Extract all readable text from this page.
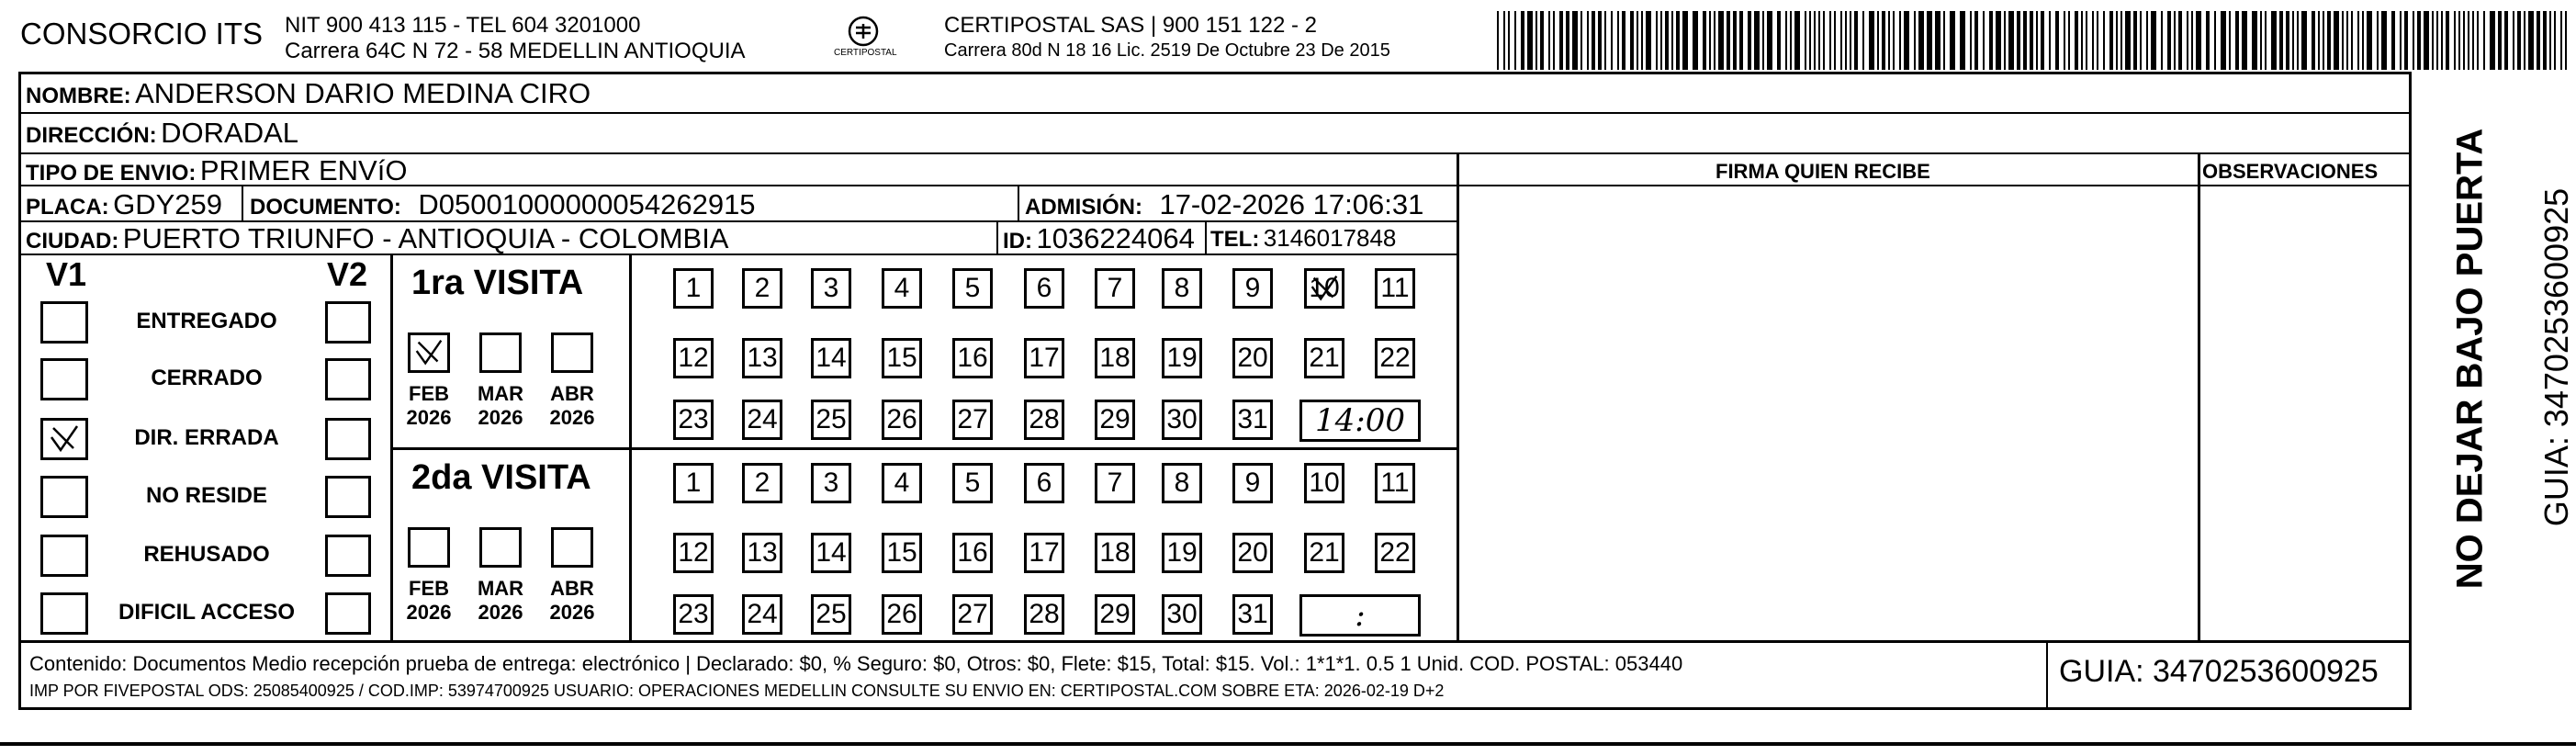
CONSORCIO ITS NIT 900 413 115 - TEL 604 3201000
Carrera 64C N 72 - 58 MEDELLIN ANTIOQUIA	CERTIPOSTAL
CERTIPOSTAL SAS | 900 151 122 - 2
Carrera 80d N 18 16 Lic. 2519 De Octubre 23 De 2015
NOMBRE: ANDERSON DARIO MEDINA CIRO
DIRECCIÓN: DORADAL
TIPO DE ENVIO: PRIMER ENVíO	FIRMA QUIEN RECIBE	OBSERVACIONES
PLACA: GDY259 DOCUMENTO: D05001000000054262915	ADMISIÓN: 17-02-2026 17:06:31
CIUDAD: PUERTO TRIUNFO - ANTIOQUIA - COLOMBIA	ID: 1036224064 TEL: 3146017848
V1	V2
ENTREGADO
CERRADO
DIR. ERRADA
NO RESIDE
REHUSADO
DIFICIL ACCESO
1ra VISITA
FEB
2026
MAR
2026
ABR
2026
1	2	3	4	5	6	7	8	9	10 11
12 13 14 15 16 17 18 19 20 21 22
23 24 25 26 27 28 29 30 31	14:00
2da VISITA
FEB
2026
MAR
2026
ABR
2026
1	2	3	4	5	6	7	8	9	10 11
12 13 14 15 16 17 18 19 20 21 22
23 24 25 26 27 28 29 30 31	:
Contenido: Documentos Medio recepción prueba de entrega: electrónico | Declarado: $0, % Seguro: $0, Otros: $0, Flete: $15, Total: $15. Vol.: 1*1*1. 0.5 1 Unid. COD. POSTAL: 053440
IMP POR FIVEPOSTAL ODS: 25085400925 / COD.IMP: 53974700925 USUARIO: OPERACIONES MEDELLIN CONSULTE SU ENVIO EN: CERTIPOSTAL.COM SOBRE ETA: 2026-02-19 D+2
GUIA: 3470253600925
NO DEJAR BAJO PUERTA GUIA: 3470253600925
